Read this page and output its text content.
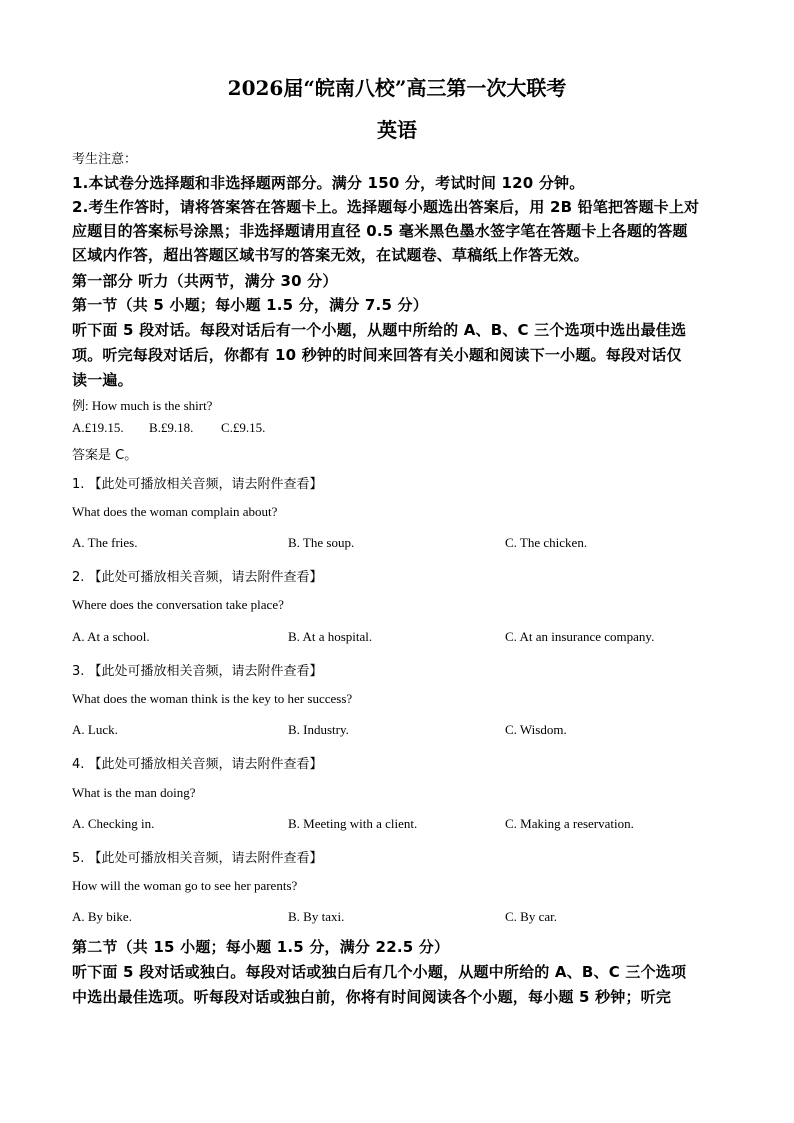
2026届“皖南八校”高三第一次大联考
英语
考生注意：
1.本试卷分选择题和非选择题两部分。满分 150 分，考试时间 120 分钟。
2.考生作答时，请将答案答在答题卡上。选择题每小题选出答案后，用 2B 铅笔把答题卡上对
应题目的答案标号涂黑；非选择题请用直径 0.5 毫米黑色墨水签字笔在答题卡上各题的答题
区域内作答，超出答题区域书写的答案无效，在试题卷、草稿纸上作答无效。
第一部分 听力（共两节，满分 30 分）
第一节（共 5 小题；每小题 1.5 分，满分 7.5 分）
听下面 5 段对话。每段对话后有一个小题，从题中所给的 A、B、C 三个选项中选出最佳选
项。听完每段对话后，你都有 10 秒钟的时间来回答有关小题和阅读下一小题。每段对话仅
读一遍。
例: How much is the shirt?
A.£19.15. B.£9.18. C.£9.15.
答案是 C。
1. 【此处可播放相关音频，请去附件查看】
What does the woman complain about?
A. The fries.	B. The soup.	C. The chicken.
2. 【此处可播放相关音频，请去附件查看】
Where does the conversation take place?
A. At a school.	B. At a hospital.	C. At an insurance company.
3. 【此处可播放相关音频，请去附件查看】
What does the woman think is the key to her success?
A. Luck.	B. Industry.	C. Wisdom.
4. 【此处可播放相关音频，请去附件查看】
What is the man doing?
A. Checking in.	B. Meeting with a client.	C. Making a reservation.
5. 【此处可播放相关音频，请去附件查看】
How will the woman go to see her parents?
A. By bike.	B. By taxi.	C. By car.
第二节（共 15 小题；每小题 1.5 分，满分 22.5 分）
听下面 5 段对话或独白。每段对话或独白后有几个小题，从题中所给的 A、B、C 三个选项
中选出最佳选项。听每段对话或独白前，你将有时间阅读各个小题，每小题 5 秒钟；听完
